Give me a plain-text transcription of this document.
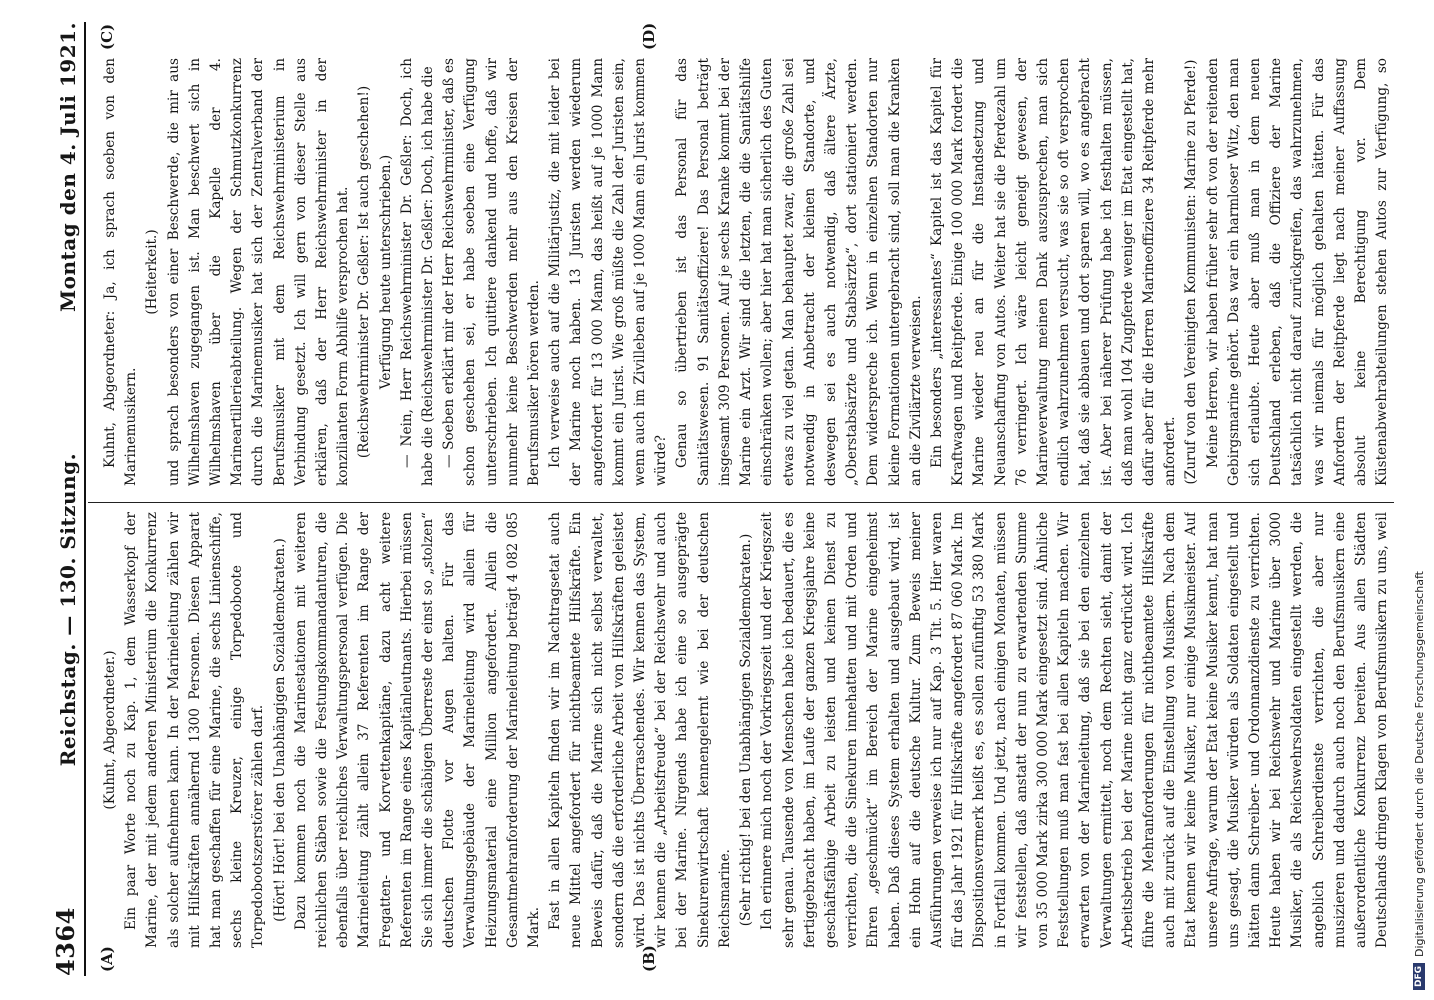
4364
Reichstag. — 130. Sitzung.
Montag den 4. Juli 1921.
(A)	(B)
(C)	(D)

(Kuhnt, Abgeordneter.) Ein paar Worte noch zu Kap. 1, dem Wasserkopf der Marine, der mit jedem anderen Ministerium die Konkurrenz als solcher aufnehmen kann. In der Marineleitung zählen wir mit Hilfskräften annähernd 1300 Personen. Diesen Apparat hat man geschaffen für eine Marine, die sechs Linienschiffe, sechs kleine Kreuzer, einige Torpedoboote und Torpedobootszerstörer zählen darf. (Hört! Hört! bei den Unabhängigen Sozialdemokraten.) Dazu kommen noch die Marinestationen mit weiteren reichlichen Stäben sowie die Festungskommandanturen, die ebenfalls über reichliches Verwaltungspersonal verfügen. Die Marineleitung zählt allein 37 Referenten im Range der Fregatten- und Korvettenkapitäne, dazu acht weitere Referenten im Range eines Kapitänleutnants. Hierbei müssen Sie sich immer die schäbigen Überreste der einst so „stolzen“ deutschen Flotte vor Augen halten. Für das Verwaltungsgebäude der Marineleitung wird allein für Heizungsmaterial eine Million angefordert. Allein die Gesamtmehranforderung der Marineleitung beträgt 4 082 085 Mark. Fast in allen Kapiteln finden wir im Nachtragsetat auch neue Mittel angefordert für nichtbeamtete Hilfskräfte. Ein Beweis dafür, daß die Marine sich nicht selbst verwaltet, sondern daß die erforderliche Arbeit von Hilfskräften geleistet wird. Das ist nichts Überraschendes. Wir kennen das System, wir kennen die „Arbeitsfreude“ bei der Reichswehr und auch bei der Marine. Nirgends habe ich eine so ausgeprägte Sinekurenwirtschaft kennengelernt wie bei der deutschen Reichsmarine. (Sehr richtig! bei den Unabhängigen Sozialdemokraten.) Ich erinnere mich noch der Vorkriegszeit und der Kriegszeit sehr genau. Tausende von Menschen habe ich bedauert, die es fertiggebracht haben, im Laufe der ganzen Kriegsjahre keine geschäftsfähige Arbeit zu leisten und keinen Dienst zu verrichten, die die Sinekuren innehatten und mit Orden und Ehren „geschmückt“ im Bereich der Marine eingeheimst haben. Daß dieses System erhalten und ausgebaut wird, ist ein Hohn auf die deutsche Kultur. Zum Beweis meiner Ausführungen verweise ich nur auf Kap. 3 Tit. 5. Hier waren für das Jahr 1921 für Hilfskräfte angefordert 87 060 Mark. Im Dispositionsvermerk heißt es, es sollen zufünftig 53 380 Mark in Fortfall kommen. Und jetzt, nach einigen Monaten, müssen wir feststellen, daß anstatt der nun zu erwartenden Summe von 35 000 Mark zirka 300 000 Mark eingesetzt sind. Ähnliche Feststellungen muß man fast bei allen Kapiteln machen. Wir erwarten von der Marineleitung, daß sie bei den einzelnen Verwaltungen ermittelt, noch dem Rechten sieht, damit der Arbeitsbetrieb bei der Marine nicht ganz erdrückt wird. Ich führe die Mehranforderungen für nichtbeamtete Hilfskräfte auch mit zurück auf die Einstellung von Musikern. Nach dem Etat kennen wir keine Musiker, nur einige Musikmeister. Auf unsere Anfrage, warum der Etat keine Musiker kennt, hat man uns gesagt, die Musiker würden als Soldaten eingestellt und hätten dann Schreiber- und Ordonnanzdienste zu verrichten. Heute haben wir bei Reichswehr und Marine über 3000 Musiker, die als Reichswehrsoldaten eingestellt werden, die angeblich Schreiberdienste verrichten, die aber nur musizieren und dadurch auch noch den Berufsmusikern eine außerordentliche Konkurrenz bereiten. Aus allen Städten Deutschlands dringen Klagen von Berufsmusikern zu uns, weil

Kuhnt, Abgeordneter: Ja, ich sprach soeben von den Marinemusikern.

(Heiterkeit.) und sprach besonders von einer Beschwerde, die mir aus Wilhelmshaven zugegangen ist. Man beschwert sich in Wilhelmshaven über die Kapelle der 4. Marineartillerieabteilung. Wegen der Schmutzkonkurrenz durch die Marinemusiker hat sich der Zentralverband der Berufsmusiker mit dem Reichswehrministerium in Verbindung gesetzt. Ich will gern von dieser Stelle aus erklären, daß der Herr Reichswehrminister in der konzilianten Form Abhilfe versprochen hat. (Reichswehrminister Dr. Geßler: Ist auch geschehen!) Verfügung heute unterschrieben.) — Nein, Herr Reichswehrminister Dr. Geßler: Doch, ich habe die (Reichswehrminister Dr. Geßler: Doch, ich habe die — Soeben erklärt mir der Herr Reichswehrminister, daß es schon geschehen sei, er habe soeben eine Verfügung unterschrieben. Ich quittiere dankend und hoffe, daß wir nunmehr keine Beschwerden mehr aus den Kreisen der Berufsmusiker hören werden. Ich verweise auch auf die Militärjustiz, die mit leider bei der Marine noch haben. 13 Juristen werden wiederum angefordert für 13 000 Mann, das heißt auf je 1000 Mann kommt ein Jurist. Wie groß müßte die Zahl der Juristen sein, wenn auch im Zivilleben auf je 1000 Mann ein Jurist kommen würde? Genau so übertrieben ist das Personal für das Sanitätswesen. 91 Sanitätsoffiziere! Das Personal beträgt insgesamt 309 Personen. Auf je sechs Kranke kommt bei der Marine ein Arzt. Wir sind die letzten, die die Sanitätshilfe einschränken wollen; aber hier hat man sicherlich des Guten etwas zu viel getan. Man behauptet zwar, die große Zahl sei notwendig in Anbetracht der kleinen Standorte, und deswegen sei es auch notwendig, daß ältere Ärzte, „Oberstabsärzte und Stabsärzte“, dort stationiert werden. Dem widerspreche ich. Wenn in einzelnen Standorten nur kleine Formationen untergebracht sind, soll man die Kranken an die Zivilärzte verweisen. Ein besonders „interessantes“ Kapitel ist das Kapitel für Kraftwagen und Reitpferde. Einige 100 000 Mark fordert die Marine wieder neu an für die Instandsetzung und Neuanschaffung von Autos. Weiter hat sie die Pferdezahl um 76 verringert. Ich wäre leicht geneigt gewesen, der Marineverwaltung meinen Dank auszusprechen, man sich endlich wahrzunehmen versucht, was sie so oft versprochen hat, daß sie abbauen und dort sparen will, wo es angebracht ist. Aber bei näherer Prüfung habe ich festhalten müssen, daß man wohl 104 Zugpferde weniger im Etat eingestellt hat, dafür aber für die Herren Marineoffiziere 34 Reitpferde mehr anfordert. (Zuruf von den Vereinigten Kommunisten: Marine zu Pferde!) Meine Herren, wir haben früher sehr oft von der reitenden Gebirgsmarine gehört. Das war ein harmloser Witz, den man sich erlaubte. Heute aber muß man in dem neuen Deutschland erleben, daß die Offiziere der Marine tatsächlich nicht darauf zurückgreifen, das wahrzunehmen, was wir niemals für möglich gehalten hätten. Für das Anfordern der Reitpferde liegt nach meiner Auffassung absolut keine Berechtigung vor. Dem Küstenabwehrabteilungen stehen Autos zur Verfügung, so

DFG
Digitalisierung gefördert durch die Deutsche Forschungsgemeinschaft
